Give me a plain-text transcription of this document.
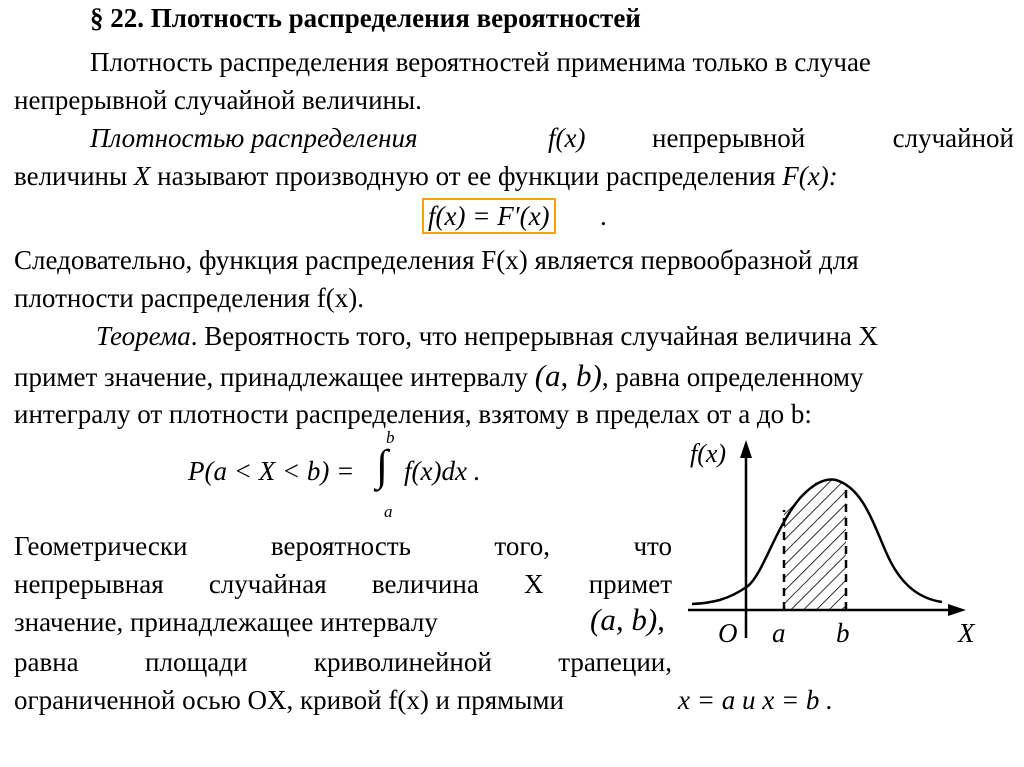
§ 22. Плотность распределения вероятностей
Плотность распределения вероятностей применима только в случае
непрерывной случайной величины.
Плотностью распределения	f(x) непрерывной случайной
величины X называют производную от ее функции распределения F(x):
f(x) = F′(x) .
Следовательно, функция распределения F(x) является первообразной для
плотности распределения f(x).
Теорема. Вероятность того, что непрерывная случайная величина X
примет значение, принадлежащее интервалу (a, b), равна определенному
интегралу от плотности распределения, взятому в пределах от a до b:
P(a < X < b) = ∫
b
a
f(x)dx .
Геометрически вероятность того, что
непрерывная случайная величина X примет
значение, принадлежащее интервалу	(a, b),
равна площади криволинейной трапеции,
ограниченной осью OX, кривой f(x) и прямыми	x = a и x = b .
f(x)
O a b	X
